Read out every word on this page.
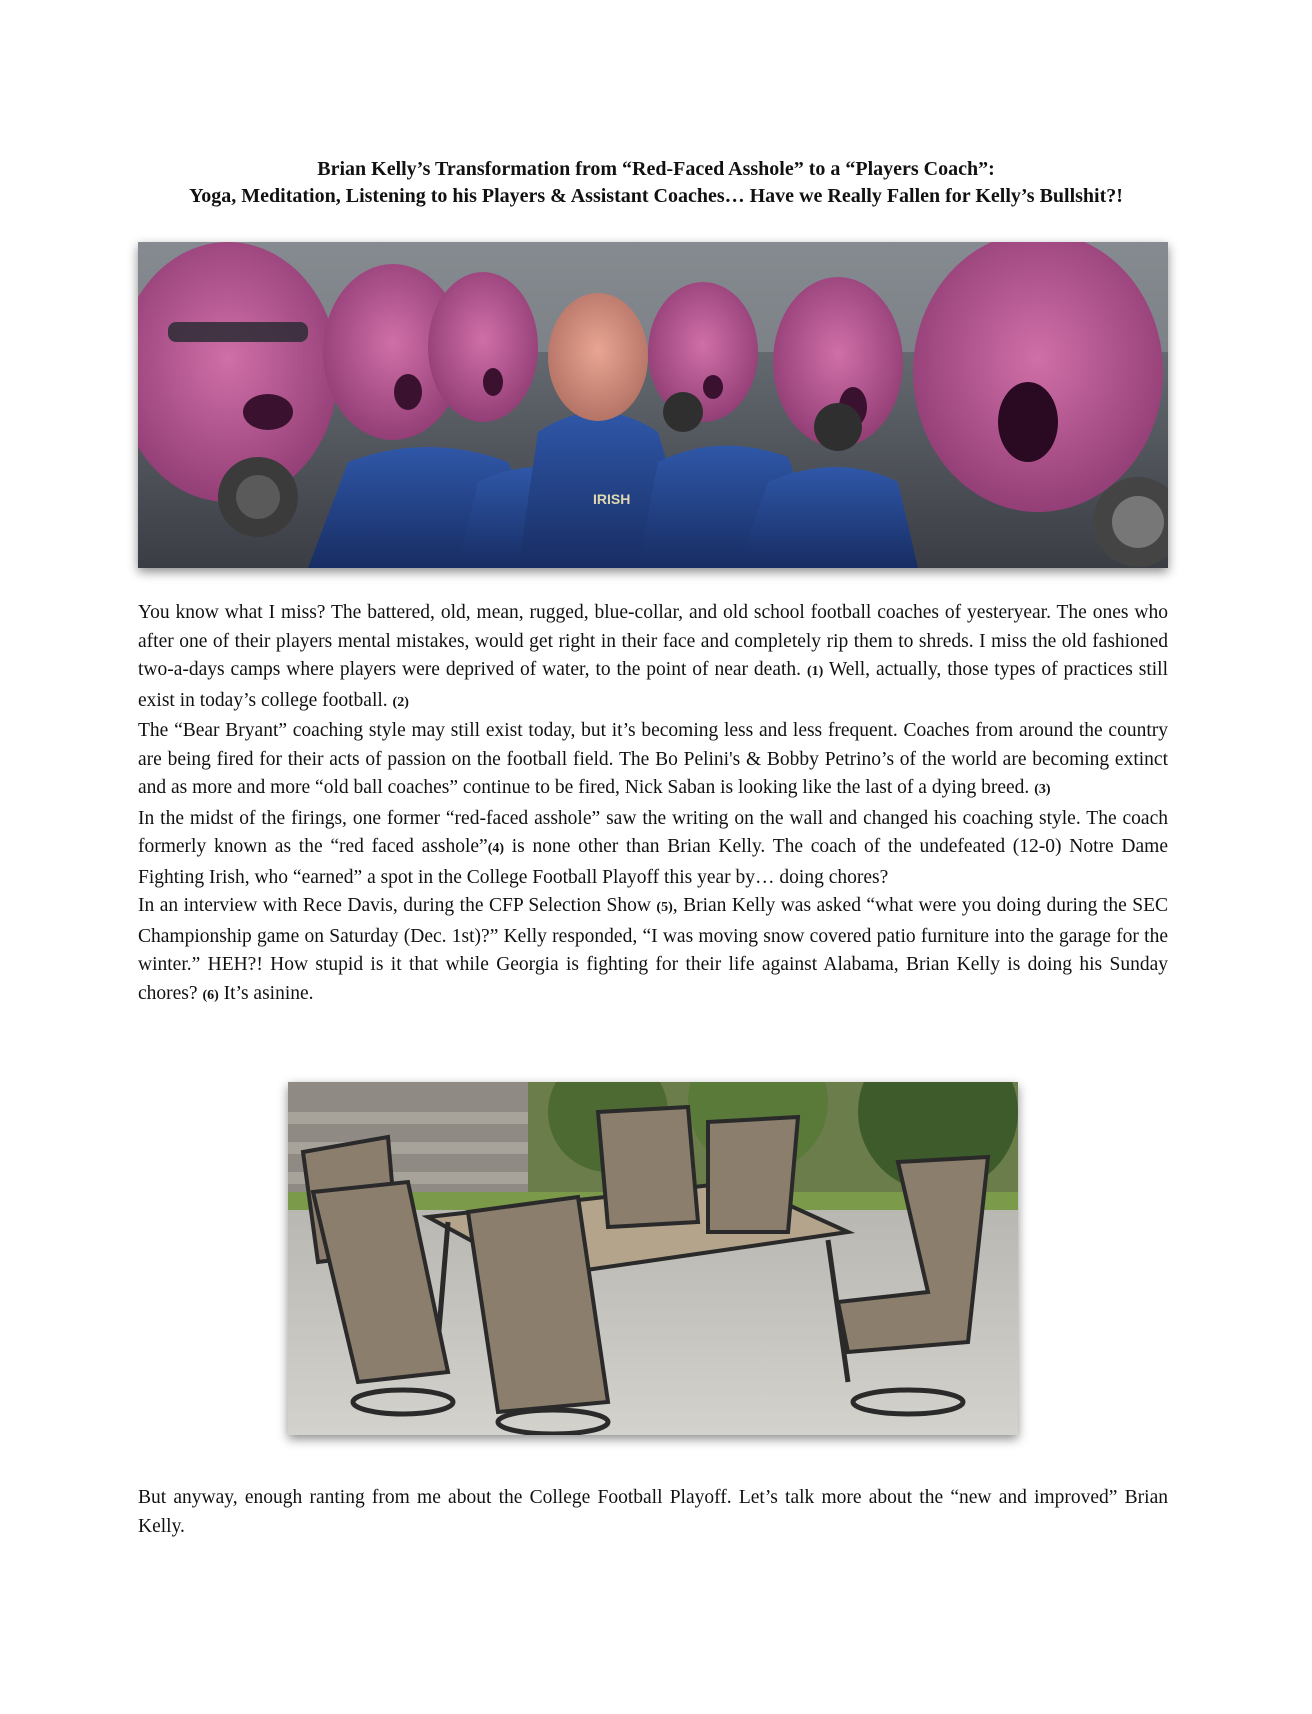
Brian Kelly’s Transformation from “Red-Faced Asshole” to a “Players Coach”:
Yoga, Meditation, Listening to his Players & Assistant Coaches… Have we Really Fallen for Kelly’s Bullshit?!
IRISH

You know what I miss? The battered, old, mean, rugged, blue-collar, and old school football coaches of yesteryear. The ones who after one of their players mental mistakes, would get right in their face and completely rip them to shreds. I miss the old fashioned two-a-days camps where players were deprived of water, to the point of near death. (1) Well, actually, those types of practices still exist in today’s college football. (2)

The “Bear Bryant” coaching style may still exist today, but it’s becoming less and less frequent. Coaches from around the country are being fired for their acts of passion on the football field. The Bo Pelini's & Bobby Petrino’s of the world are becoming extinct and as more and more “old ball coaches” continue to be fired, Nick Saban is looking like the last of a dying breed. (3)

In the midst of the firings, one former “red-faced asshole” saw the writing on the wall and changed his coaching style. The coach formerly known as the “red faced asshole”(4) is none other than Brian Kelly. The coach of the undefeated (12-0) Notre Dame Fighting Irish, who “earned” a spot in the College Football Playoff this year by… doing chores?

In an interview with Rece Davis, during the CFP Selection Show (5), Brian Kelly was asked “what were you doing during the SEC Championship game on Saturday (Dec. 1st)?” Kelly responded, “I was moving snow covered patio furniture into the garage for the winter.” HEH?! How stupid is it that while Georgia is fighting for their life against Alabama, Brian Kelly is doing his Sunday chores? (6) It’s asinine.

But anyway, enough ranting from me about the College Football Playoff. Let’s talk more about the “new and improved” Brian Kelly.
